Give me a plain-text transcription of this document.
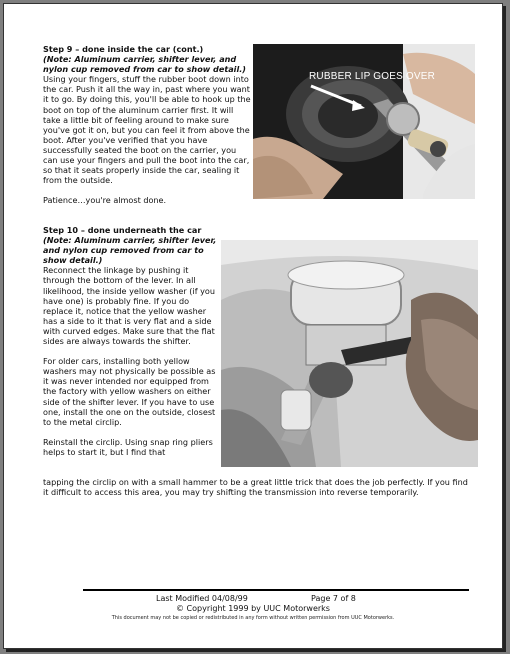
Step 9 – done inside the car (cont.)
(Note: Aluminum carrier, shifter lever, and nylon cup removed from car to show detail.)
Using your fingers, stuff the rubber boot down into the car. Push it all the way in, past where you want it to go. By doing this, you'll be able to hook up the boot on top of the aluminum carrier first. It will take a little bit of feeling around to make sure you've got it on, but you can feel it from above the boot. After you've verified that you have successfully seated the boot on the carrier, you can use your fingers and pull the boot into the car, so that it seats properly inside the car, sealing it from the outside.
Patience…you're almost done.
RUBBER LIP GOES OVER
Step 10 – done underneath the car
(Note: Aluminum carrier, shifter lever, and nylon cup removed from car to show detail.)
Reconnect the linkage by pushing it through the bottom of the lever. In all likelihood, the inside yellow washer (if you have one) is probably fine. If you do replace it, notice that the yellow washer has a side to it that is very flat and a side with curved edges. Make sure that the flat sides are always towards the shifter.
For older cars, installing both yellow washers may not physically be possible as it was never intended nor equipped from the factory with yellow washers on either side of the shifter lever. If you have to use one, install the one on the outside, closest to the metal circlip.
Reinstall the circlip. Using snap ring pliers helps to start it, but I find that
tapping the circlip on with a small hammer to be a great little trick that does the job perfectly. If you find it difficult to access this area, you may try shifting the transmission into reverse temporarily.
Last Modified 04/08/99	Page 7 of 8
© Copyright 1999 by UUC Motorwerks
This document may not be copied or redistributed in any form without written permission from UUC Motorwerks.
